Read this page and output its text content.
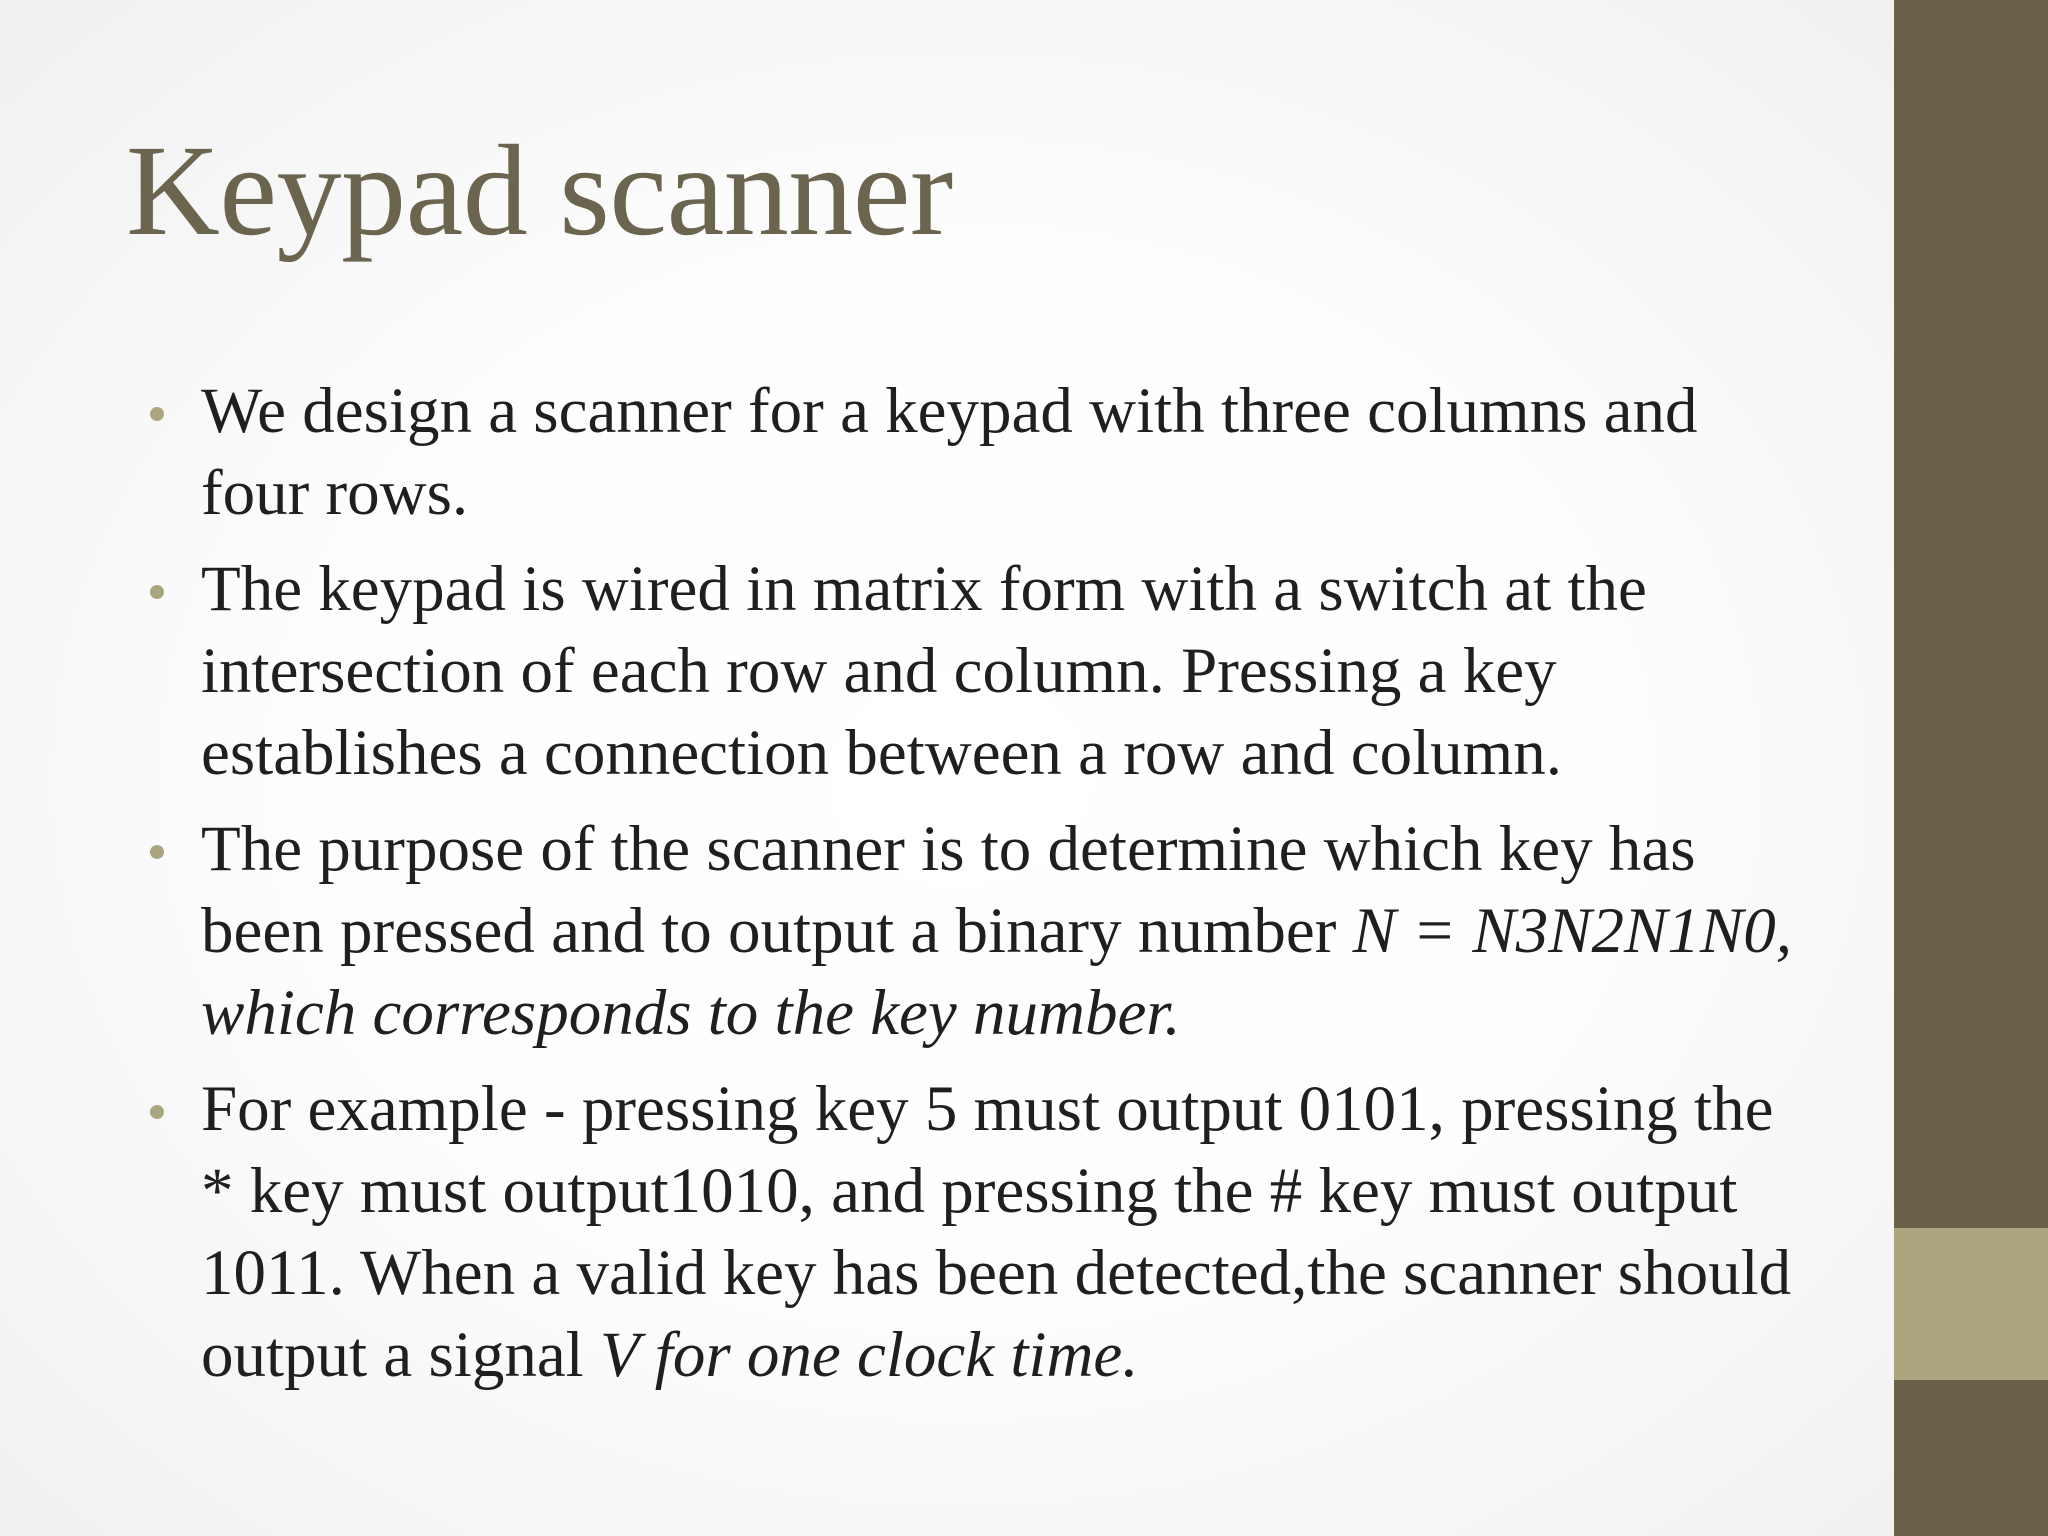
Keypad scanner
We design a scanner for a keypad with three columns and four rows.
The keypad is wired in matrix form with a switch at the intersection of each row and column. Pressing a key establishes a connection between a row and column.
The purpose of the scanner is to determine which key has been pressed and to output a binary number N = N3N2N1N0, which corresponds to the key number.
For example - pressing key 5 must output 0101, pressing the * key must output1010, and pressing the # key must output 1011. When a valid key has been detected,the scanner should output a signal V for one clock time.
